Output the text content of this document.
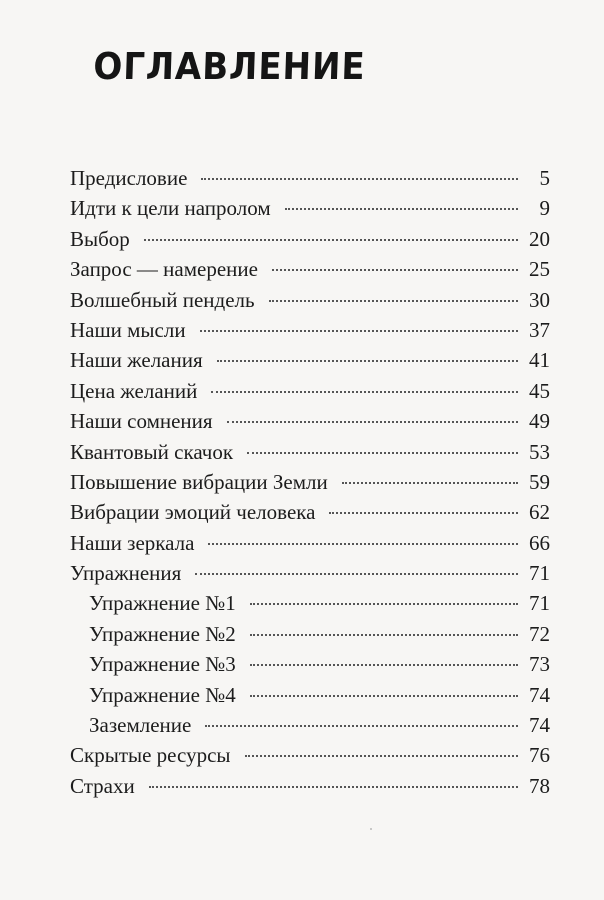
ОГЛАВЛЕНИЕ
Предисловие	5
Идти к цели напролом	9
Выбор	20
Запрос — намерение	25
Волшебный пендель	30
Наши мысли	37
Наши желания	41
Цена желаний	45
Наши сомнения	49
Квантовый скачок	53
Повышение вибрации Земли	59
Вибрации эмоций человека	62
Наши зеркала	66
Упражнения	71
Упражнение №1	71
Упражнение №2	72
Упражнение №3	73
Упражнение №4	74
Заземление	74
Скрытые ресурсы	76
Страхи	78
